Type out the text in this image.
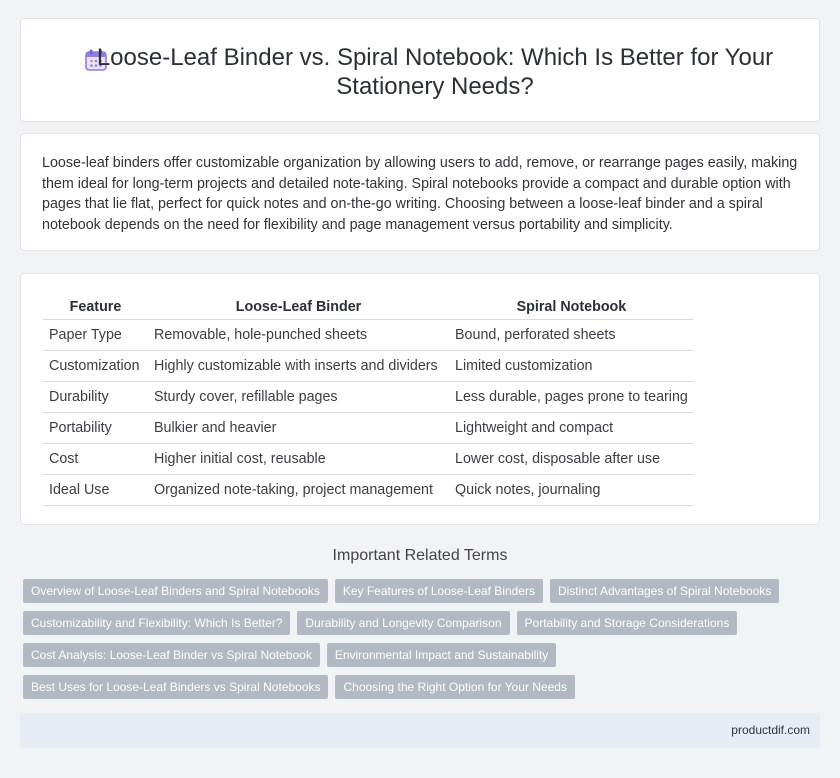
Loose-Leaf Binder vs. Spiral Notebook: Which Is Better for Your Stationery Needs?

Loose-leaf binders offer customizable organization by allowing users to add, remove, or rearrange pages easily, making them ideal for long-term projects and detailed note-taking. Spiral notebooks provide a compact and durable option with pages that lie flat, perfect for quick notes and on-the-go writing. Choosing between a loose-leaf binder and a spiral notebook depends on the need for flexibility and page management versus portability and simplicity.

Feature	Loose-Leaf Binder	Spiral Notebook
Paper Type	Removable, hole-punched sheets	Bound, perforated sheets
Customization	Highly customizable with inserts and dividers	Limited customization
Durability	Sturdy cover, refillable pages	Less durable, pages prone to tearing
Portability	Bulkier and heavier	Lightweight and compact
Cost	Higher initial cost, reusable	Lower cost, disposable after use
Ideal Use	Organized note-taking, project management	Quick notes, journaling
Important Related Terms
Overview of Loose-Leaf Binders and Spiral Notebooks	Key Features of Loose-Leaf Binders	Distinct Advantages of Spiral Notebooks
Customizability and Flexibility: Which Is Better?	Durability and Longevity Comparison	Portability and Storage Considerations
Cost Analysis: Loose-Leaf Binder vs Spiral Notebook	Environmental Impact and Sustainability
Best Uses for Loose-Leaf Binders vs Spiral Notebooks	Choosing the Right Option for Your Needs
productdif.com
